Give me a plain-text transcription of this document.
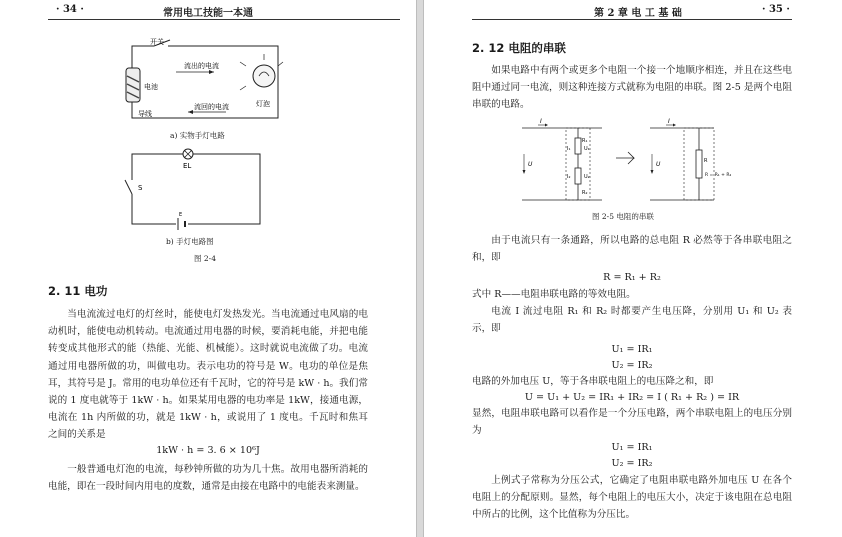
· 34 ·	常用电工技能一本通
开关
电池
导线
流出的电流
流回的电流	灯泡
a) 实物手灯电路
EL
S
E
b) 手灯电路图
图 2-4
2. 11 电功
当电流流过电灯的灯丝时，能使电灯发热发光。当电流通过电风扇的电动机时，能使电动机转动。电流通过用电器的时候，要消耗电能，并把电能转变成其他形式的能（热能、光能、机械能）。这时就说电流做了功。电流通过用电器所做的功，叫做电功。表示电功的符号是 W。电功的单位是焦耳，其符号是 J。常用的电功单位还有千瓦时，它的符号是 kW · h。我们常说的 1 度电就等于 1kW · h。如果某用电器的电功率是 1kW，接通电源，电流在 1h 内所做的功，就是 1kW · h，或说用了 1 度电。千瓦时和焦耳之间的关系是
1kW · h = 3. 6 × 10⁶J
一般普通电灯泡的电流，每秒钟所做的功为几十焦。故用电器所消耗的电能，即在一段时间内用电的度数，通常是由接在电路中的电能表来测量。
第 2 章 电 工 基 础	· 35 ·
2. 12 电阻的串联
如果电路中有两个或更多个电阻一个接一个地顺序相连，并且在这些电阻中通过同一电流，则这种连接方式就称为电阻的串联。图 2-5 是两个电阻串联的电路。
I
U
R₁
R₂
U₁
U₂
I₁
I₂
I
U	R
R = R₁ + R₂
图 2-5 电阻的串联
由于电流只有一条通路，所以电路的总电阻 R 必然等于各串联电阻之和，即
R = R₁ + R₂
式中 R——电阻串联电路的等效电阻。
电流 I 流过电阻 R₁ 和 R₂ 时都要产生电压降，分别用 U₁ 和 U₂ 表示，即
U₁ = IR₁
U₂ = IR₂
电路的外加电压 U，等于各串联电阻上的电压降之和，即
U = U₁ + U₂ = IR₁ + IR₂ = I ( R₁ + R₂ ) = IR
显然，电阻串联电路可以看作是一个分压电路，两个串联电阻上的电压分别为
U₁ = IR₁
U₂ = IR₂
上例式子常称为分压公式，它确定了电阻串联电路外加电压 U 在各个电阻上的分配原则。显然，每个电阻上的电压大小，决定于该电阻在总电阻中所占的比例，这个比值称为分压比。
